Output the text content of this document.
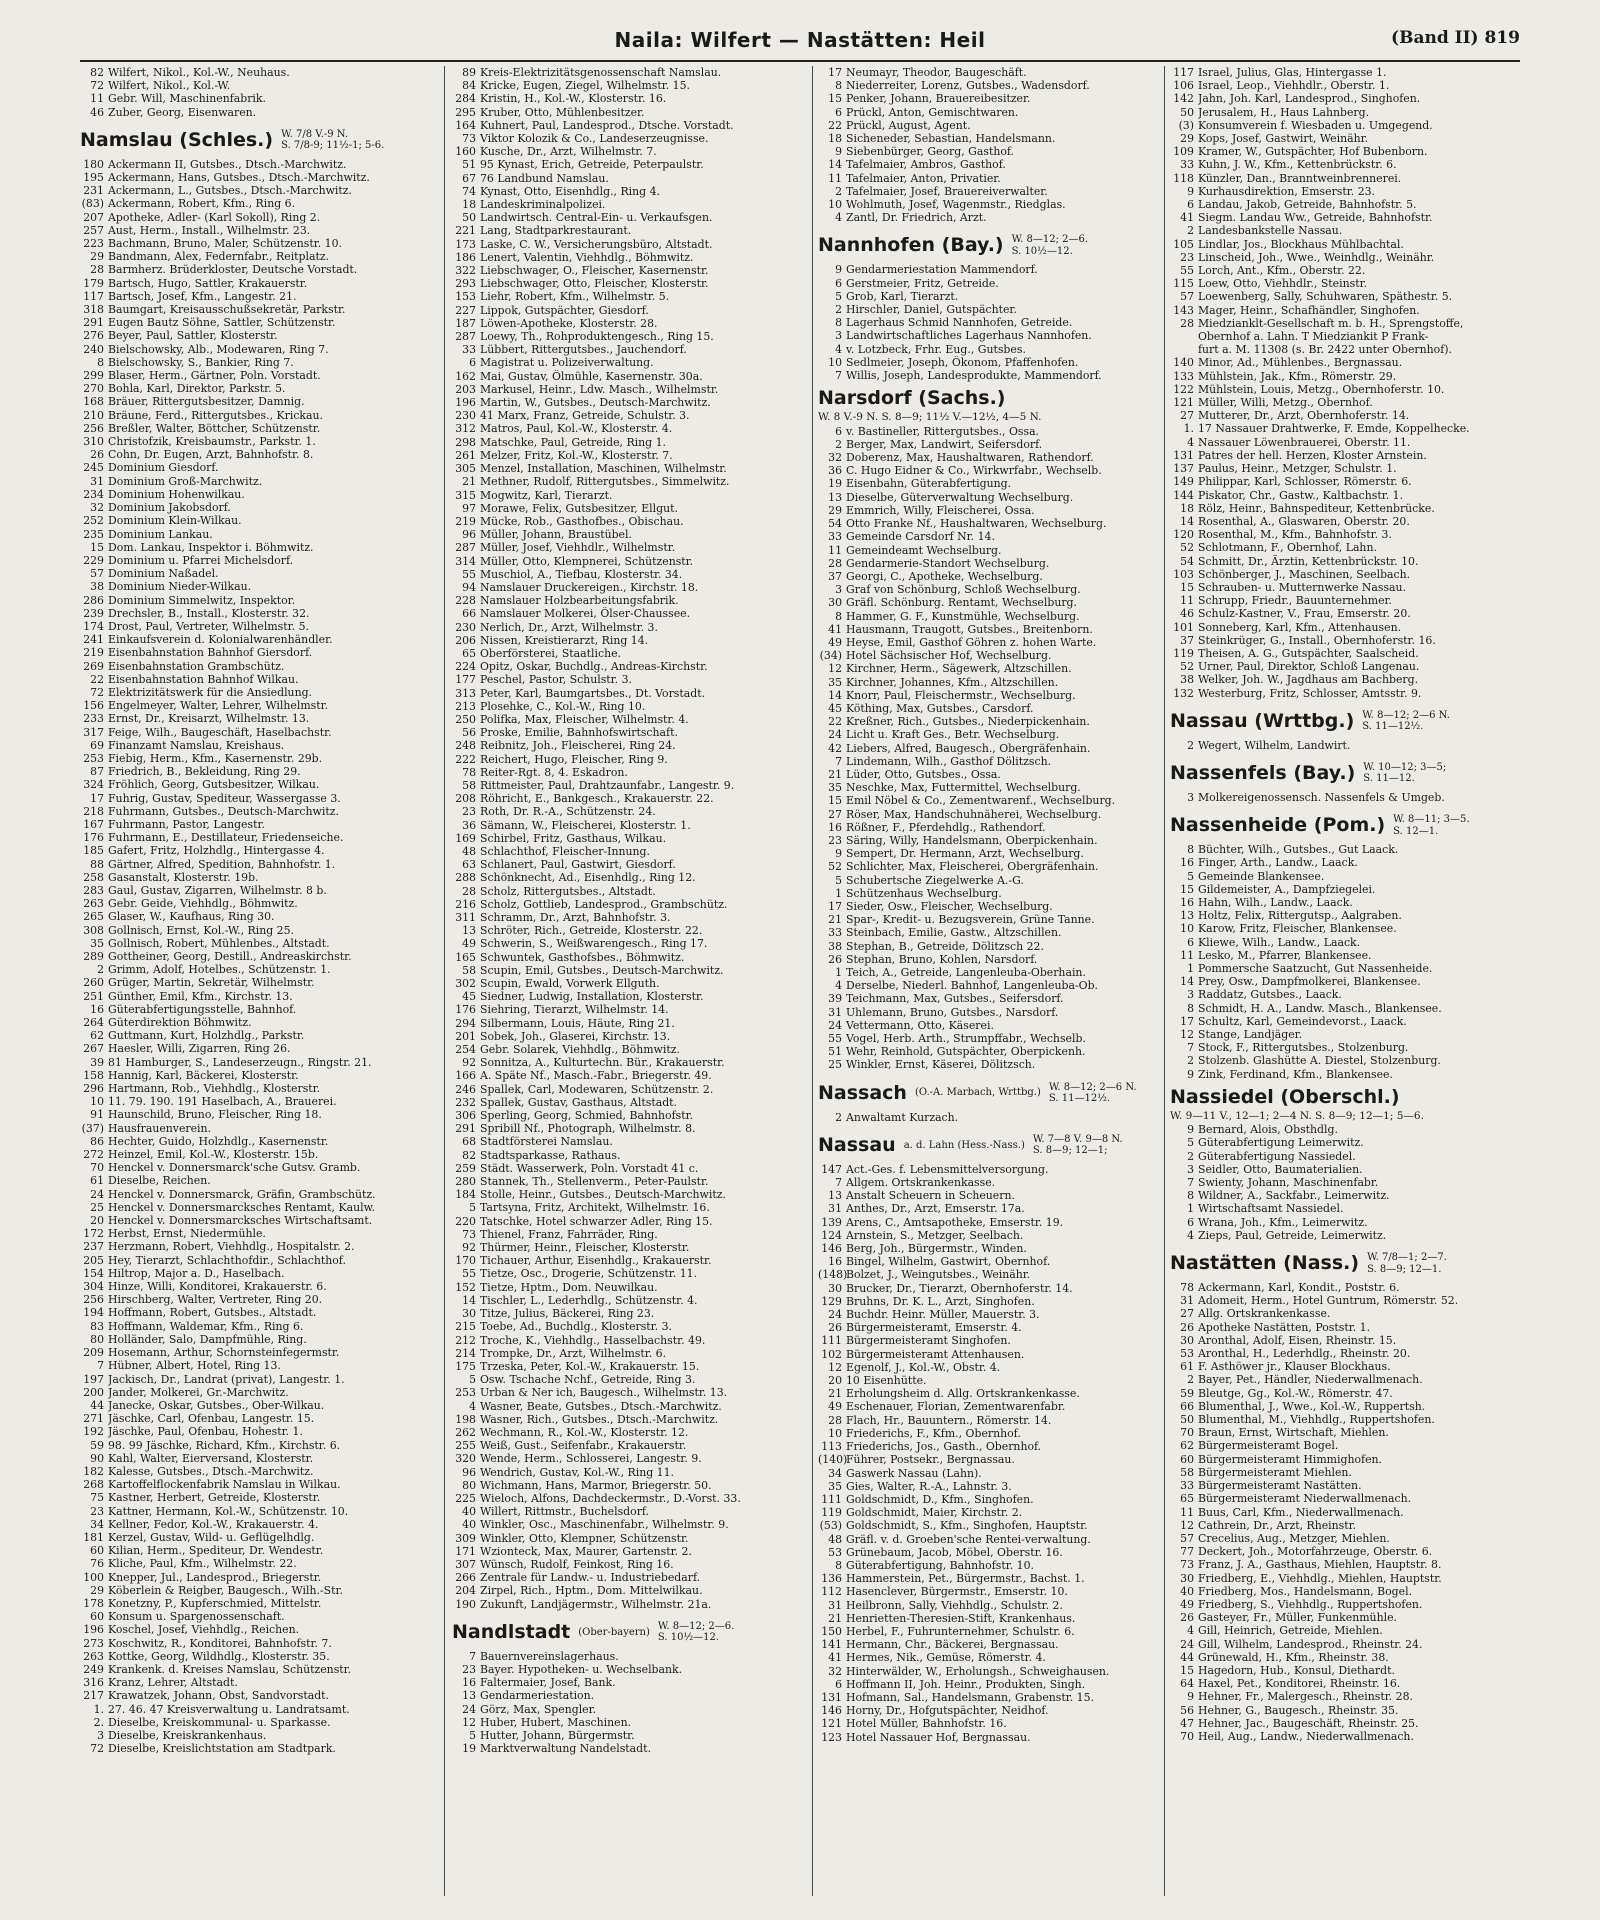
Naila: Wilfert — Nastätten: Heil	(Band II) 819
82 Wilfert, Nikol., Kol.-W., Neuhaus.
72 Wilfert, Nikol., Kol.-W.
11 Gebr. Will, Maschinenfabrik.
46 Zuber, Georg, Eisenwaren.
Namslau (Schles.) W. 7/8 V.-9 N.
S. 7/8-9; 11½-1; 5-6.
180 Ackermann II, Gutsbes., Dtsch.-Marchwitz.
195 Ackermann, Hans, Gutsbes., Dtsch.-Marchwitz.
231 Ackermann, L., Gutsbes., Dtsch.-Marchwitz.
(83) Ackermann, Robert, Kfm., Ring 6.
207 Apotheke, Adler- (Karl Sokoll), Ring 2.
257 Aust, Herm., Install., Wilhelmstr. 23.
223 Bachmann, Bruno, Maler, Schützenstr. 10.
29 Bandmann, Alex, Federnfabr., Reitplatz.
28 Barmherz. Brüderkloster, Deutsche Vorstadt.
179 Bartsch, Hugo, Sattler, Krakauerstr.
117 Bartsch, Josef, Kfm., Langestr. 21.
318 Baumgart, Kreisausschußsekretär, Parkstr.
291 Eugen Bautz Söhne, Sattler, Schützenstr.
276 Beyer, Paul, Sattler, Klosterstr.
240 Bielschowsky, Alb., Modewaren, Ring 7.
8 Bielschowsky, S., Bankier, Ring 7.
299 Blaser, Herm., Gärtner, Poln. Vorstadt.
270 Bohla, Karl, Direktor, Parkstr. 5.
168 Bräuer, Rittergutsbesitzer, Damnig.
210 Bräune, Ferd., Rittergutsbes., Krickau.
256 Breßler, Walter, Böttcher, Schützenstr.
310 Christofzik, Kreisbaumstr., Parkstr. 1.
26 Cohn, Dr. Eugen, Arzt, Bahnhofstr. 8.
245 Dominium Giesdorf.
31 Dominium Groß-Marchwitz.
234 Dominium Hohenwilkau.
32 Dominium Jakobsdorf.
252 Dominium Klein-Wilkau.
235 Dominium Lankau.
15 Dom. Lankau, Inspektor i. Böhmwitz.
229 Dominium u. Pfarrei Michelsdorf.
57 Dominium Naßadel.
38 Dominium Nieder-Wilkau.
286 Dominium Simmelwitz, Inspektor.
239 Drechsler, B., Install., Klosterstr. 32.
174 Drost, Paul, Vertreter, Wilhelmstr. 5.
241 Einkaufsverein d. Kolonialwarenhändler.
219 Eisenbahnstation Bahnhof Giersdorf.
269 Eisenbahnstation Grambschütz.
22 Eisenbahnstation Bahnhof Wilkau.
72 Elektrizitätswerk für die Ansiedlung.
156 Engelmeyer, Walter, Lehrer, Wilhelmstr.
233 Ernst, Dr., Kreisarzt, Wilhelmstr. 13.
317 Feige, Wilh., Baugeschäft, Haselbachstr.
69 Finanzamt Namslau, Kreishaus.
253 Fiebig, Herm., Kfm., Kasernenstr. 29b.
87 Friedrich, B., Bekleidung, Ring 29.
324 Fröhlich, Georg, Gutsbesitzer, Wilkau.
17 Fuhrig, Gustav, Spediteur, Wassergasse 3.
218 Fuhrmann, Gutsbes., Deutsch-Marchwitz.
167 Fuhrmann, Pastor, Langestr.
176 Fuhrmann, E., Destillateur, Friedenseiche.
185 Gafert, Fritz, Holzhdlg., Hintergasse 4.
88 Gärtner, Alfred, Spedition, Bahnhofstr. 1.
258 Gasanstalt, Klosterstr. 19b.
283 Gaul, Gustav, Zigarren, Wilhelmstr. 8 b.
263 Gebr. Geide, Viehhdlg., Böhmwitz.
265 Glaser, W., Kaufhaus, Ring 30.
308 Gollnisch, Ernst, Kol.-W., Ring 25.
35 Gollnisch, Robert, Mühlenbes., Altstadt.
289 Gottheiner, Georg, Destill., Andreaskirchstr.
2 Grimm, Adolf, Hotelbes., Schützenstr. 1.
260 Grüger, Martin, Sekretär, Wilhelmstr.
251 Günther, Emil, Kfm., Kirchstr. 13.
16 Güterabfertigungsstelle, Bahnhof.
264 Güterdirektion Böhmwitz.
62 Guttmann, Kurt, Holzhdlg., Parkstr.
267 Haesler, Willi, Zigarren, Ring 26.
39 81 Hamburger, S., Landeserzeugn., Ringstr. 21.
158 Hannig, Karl, Bäckerei, Klosterstr.
296 Hartmann, Rob., Viehhdlg., Klosterstr.
10 11. 79. 190. 191 Haselbach, A., Brauerei.
91 Haunschild, Bruno, Fleischer, Ring 18.
(37) Hausfrauenverein.
86 Hechter, Guido, Holzhdlg., Kasernenstr.
272 Heinzel, Emil, Kol.-W., Klosterstr. 15b.
70 Henckel v. Donnersmarck'sche Gutsv. Gramb.
61 Dieselbe, Reichen.
24 Henckel v. Donnersmarck, Gräfin, Grambschütz.
25 Henckel v. Donnersmarcksches Rentamt, Kaulw.
20 Henckel v. Donnersmarcksches Wirtschaftsamt.
172 Herbst, Ernst, Niedermühle.
237 Herzmann, Robert, Viehhdlg., Hospitalstr. 2.
205 Hey, Tierarzt, Schlachthofdir., Schlachthof.
154 Hiltrop, Major a. D., Haselbach.
304 Hinze, Willi, Konditorei, Krakauerstr. 6.
256 Hirschberg, Walter, Vertreter, Ring 20.
194 Hoffmann, Robert, Gutsbes., Altstadt.
83 Hoffmann, Waldemar, Kfm., Ring 6.
80 Holländer, Salo, Dampfmühle, Ring.
209 Hosemann, Arthur, Schornsteinfegermstr.
7 Hübner, Albert, Hotel, Ring 13.
197 Jackisch, Dr., Landrat (privat), Langestr. 1.
200 Jander, Molkerei, Gr.-Marchwitz.
44 Janecke, Oskar, Gutsbes., Ober-Wilkau.
271 Jäschke, Carl, Ofenbau, Langestr. 15.
192 Jäschke, Paul, Ofenbau, Hohestr. 1.
59 98. 99 Jäschke, Richard, Kfm., Kirchstr. 6.
90 Kahl, Walter, Eierversand, Klosterstr.
182 Kalesse, Gutsbes., Dtsch.-Marchwitz.
268 Kartoffelflockenfabrik Namslau in Wilkau.
75 Kastner, Herbert, Getreide, Klosterstr.
23 Kattner, Hermann, Kol.-W., Schützenstr. 10.
34 Kellner, Fedor, Kol.-W., Krakauerstr. 4.
181 Kerzel, Gustav, Wild- u. Geflügelhdlg.
60 Kilian, Herm., Spediteur, Dr. Wendestr.
76 Kliche, Paul, Kfm., Wilhelmstr. 22.
100 Knepper, Jul., Landesprod., Briegerstr.
29 Köberlein & Reigber, Baugesch., Wilh.-Str.
178 Konetzny, P., Kupferschmied, Mittelstr.
60 Konsum u. Spargenossenschaft.
196 Koschel, Josef, Viehhdlg., Reichen.
273 Koschwitz, R., Konditorei, Bahnhofstr. 7.
263 Kottke, Georg, Wildhdlg., Klosterstr. 35.
249 Krankenk. d. Kreises Namslau, Schützenstr.
316 Kranz, Lehrer, Altstadt.
217 Krawatzek, Johann, Obst, Sandvorstadt.
1. 27. 46. 47 Kreisverwaltung u. Landratsamt.
2. Dieselbe, Kreiskommunal- u. Sparkasse.
3 Dieselbe, Kreiskrankenhaus.
72 Dieselbe, Kreislichtstation am Stadtpark.
89 Kreis-Elektrizitätsgenossenschaft Namslau.
84 Kricke, Eugen, Ziegel, Wilhelmstr. 15.
284 Kristin, H., Kol.-W., Klosterstr. 16.
295 Kruber, Otto, Mühlenbesitzer.
164 Kuhnert, Paul, Landesprod., Dtsche. Vorstadt.
73 Viktor Kolozik & Co., Landeserzeugnisse.
160 Kusche, Dr., Arzt, Wilhelmstr. 7.
51 95 Kynast, Erich, Getreide, Peterpaulstr.
67 76 Landbund Namslau.
74 Kynast, Otto, Eisenhdlg., Ring 4.
18 Landeskriminalpolizei.
50 Landwirtsch. Central-Ein- u. Verkaufsgen.
221 Lang, Stadtparkrestaurant.
173 Laske, C. W., Versicherungsbüro, Altstadt.
186 Lenert, Valentin, Viehhdlg., Böhmwitz.
322 Liebschwager, O., Fleischer, Kasernenstr.
293 Liebschwager, Otto, Fleischer, Klosterstr.
153 Liehr, Robert, Kfm., Wilhelmstr. 5.
227 Lippok, Gutspächter, Giesdorf.
187 Löwen-Apotheke, Klosterstr. 28.
287 Loewy, Th., Rohproduktengesch., Ring 15.
33 Lübbert, Rittergutsbes., Jauchendorf.
6 Magistrat u. Polizeiverwaltung.
162 Mai, Gustav, Ölmühle, Kasernenstr. 30a.
203 Markusel, Heinr., Ldw. Masch., Wilhelmstr.
196 Martin, W., Gutsbes., Deutsch-Marchwitz.
230 41 Marx, Franz, Getreide, Schulstr. 3.
312 Matros, Paul, Kol.-W., Klosterstr. 4.
298 Matschke, Paul, Getreide, Ring 1.
261 Melzer, Fritz, Kol.-W., Klosterstr. 7.
305 Menzel, Installation, Maschinen, Wilhelmstr.
21 Methner, Rudolf, Rittergutsbes., Simmelwitz.
315 Mogwitz, Karl, Tierarzt.
97 Morawe, Felix, Gutsbesitzer, Ellgut.
219 Mücke, Rob., Gasthofbes., Obischau.
96 Müller, Johann, Braustübel.
287 Müller, Josef, Viehhdlr., Wilhelmstr.
314 Müller, Otto, Klempnerei, Schützenstr.
55 Muschiol, A., Tiefbau, Klosterstr. 34.
94 Namslauer Druckereigen., Kirchstr. 18.
228 Namslauer Holzbearbeitungsfabrik.
66 Namslauer Molkerei, Ölser-Chaussee.
230 Nerlich, Dr., Arzt, Wilhelmstr. 3.
206 Nissen, Kreistierarzt, Ring 14.
65 Oberförsterei, Staatliche.
224 Opitz, Oskar, Buchdlg., Andreas-Kirchstr.
177 Peschel, Pastor, Schulstr. 3.
313 Peter, Karl, Baumgartsbes., Dt. Vorstadt.
213 Plosehke, C., Kol.-W., Ring 10.
250 Polifka, Max, Fleischer, Wilhelmstr. 4.
56 Proske, Emilie, Bahnhofswirtschaft.
248 Reibnitz, Joh., Fleischerei, Ring 24.
222 Reichert, Hugo, Fleischer, Ring 9.
78 Reiter-Rgt. 8, 4. Eskadron.
58 Rittmeister, Paul, Drahtzaunfabr., Langestr. 9.
208 Röhricht, E., Bankgesch., Krakauerstr. 22.
23 Roth, Dr. R.-A., Schützenstr. 24.
36 Sämann, W., Fleischerei, Klosterstr. 1.
169 Schirbel, Fritz, Gasthaus, Wilkau.
48 Schlachthof, Fleischer-Innung.
63 Schlanert, Paul, Gastwirt, Giesdorf.
288 Schönknecht, Ad., Eisenhdlg., Ring 12.
28 Scholz, Rittergutsbes., Altstadt.
216 Scholz, Gottlieb, Landesprod., Grambschütz.
311 Schramm, Dr., Arzt, Bahnhofstr. 3.
13 Schröter, Rich., Getreide, Klosterstr. 22.
49 Schwerin, S., Weißwarengesch., Ring 17.
165 Schwuntek, Gasthofsbes., Böhmwitz.
58 Scupin, Emil, Gutsbes., Deutsch-Marchwitz.
302 Scupin, Ewald, Vorwerk Ellguth.
45 Siedner, Ludwig, Installation, Klosterstr.
176 Siehring, Tierarzt, Wilhelmstr. 14.
294 Silbermann, Louis, Häute, Ring 21.
201 Sobek, Joh., Glaserei, Kirchstr. 13.
254 Gebr. Solarek, Viehhdlg., Böhmwitz.
92 Sonnitza, A., Kulturtechn. Bür., Krakauerstr.
166 A. Späte Nf., Masch.-Fabr., Briegerstr. 49.
246 Spallek, Carl, Modewaren, Schützenstr. 2.
232 Spallek, Gustav, Gasthaus, Altstadt.
306 Sperling, Georg, Schmied, Bahnhofstr.
291 Spribill Nf., Photograph, Wilhelmstr. 8.
68 Stadtförsterei Namslau.
82 Stadtsparkasse, Rathaus.
259 Städt. Wasserwerk, Poln. Vorstadt 41 c.
280 Stannek, Th., Stellenverm., Peter-Paulstr.
184 Stolle, Heinr., Gutsbes., Deutsch-Marchwitz.
5 Tartsyna, Fritz, Architekt, Wilhelmstr. 16.
220 Tatschke, Hotel schwarzer Adler, Ring 15.
73 Thienel, Franz, Fahrräder, Ring.
92 Thürmer, Heinr., Fleischer, Klosterstr.
170 Tichauer, Arthur, Eisenhdlg., Krakauerstr.
55 Tietze, Osc., Drogerie, Schützenstr. 11.
152 Tietze, Hptm., Dom. Neuwilkau.
14 Tischler, L., Lederhdlg., Schützenstr. 4.
30 Titze, Julius, Bäckerei, Ring 23.
215 Toebe, Ad., Buchdlg., Klosterstr. 3.
212 Troche, K., Viehhdlg., Hasselbachstr. 49.
214 Trompke, Dr., Arzt, Wilhelmstr. 6.
175 Trzeska, Peter, Kol.-W., Krakauerstr. 15.
5 Osw. Tschache Nchf., Getreide, Ring 3.
253 Urban & Ner ich, Baugesch., Wilhelmstr. 13.
4 Wasner, Beate, Gutsbes., Dtsch.-Marchwitz.
198 Wasner, Rich., Gutsbes., Dtsch.-Marchwitz.
262 Wechmann, R., Kol.-W., Klosterstr. 12.
255 Weiß, Gust., Seifenfabr., Krakauerstr.
320 Wende, Herm., Schlosserei, Langestr. 9.
96 Wendrich, Gustav, Kol.-W., Ring 11.
80 Wichmann, Hans, Marmor, Briegerstr. 50.
225 Wieloch, Alfons, Dachdeckermstr., D.-Vorst. 33.
40 Willert, Rittmstr., Buchelsdorf.
40 Winkler, Osc., Maschinenfabr., Wilhelmstr. 9.
309 Winkler, Otto, Klempner, Schützenstr.
171 Wzionteck, Max, Maurer, Gartenstr. 2.
307 Wünsch, Rudolf, Feinkost, Ring 16.
266 Zentrale für Landw.- u. Industriebedarf.
204 Zirpel, Rich., Hptm., Dom. Mittelwilkau.
190 Zukunft, Landjägermstr., Wilhelmstr. 21a.
Nandlstadt (Ober-bayern)
W. 8—12; 2—6.
S. 10½—12.
7 Bauernvereinslagerhaus.
23 Bayer. Hypotheken- u. Wechselbank.
16 Faltermaier, Josef, Bank.
13 Gendarmeriestation.
24 Görz, Max, Spengler.
12 Huber, Hubert, Maschinen.
5 Hutter, Johann, Bürgermstr.
19 Marktverwaltung Nandelstadt.
17 Neumayr, Theodor, Baugeschäft.
8 Niederreiter, Lorenz, Gutsbes., Wadensdorf.
15 Penker, Johann, Brauereibesitzer.
6 Prückl, Anton, Gemischtwaren.
22 Prückl, August, Agent.
18 Sicheneder, Sebastian, Handelsmann.
9 Siebenbürger, Georg, Gasthof.
14 Tafelmaier, Ambros, Gasthof.
11 Tafelmaier, Anton, Privatier.
2 Tafelmaier, Josef, Brauereiverwalter.
10 Wohlmuth, Josef, Wagenmstr., Riedglas.
4 Zantl, Dr. Friedrich, Arzt.
Nannhofen (Bay.) W. 8—12; 2—6.
S. 10½—12.
9 Gendarmeriestation Mammendorf.
6 Gerstmeier, Fritz, Getreide.
5 Grob, Karl, Tierarzt.
2 Hirschler, Daniel, Gutspächter.
8 Lagerhaus Schmid Nannhofen, Getreide.
3 Landwirtschaftliches Lagerhaus Nannhofen.
4 v. Lotzbeck, Frhr. Eug., Gutsbes.
10 Sedlmeier, Joseph, Ökonom, Pfaffenhofen.
7 Willis, Joseph, Landesprodukte, Mammendorf.
Narsdorf (Sachs.)
W. 8 V.-9 N. S. 8—9; 11½ V.—12½, 4—5 N.
6 v. Bastineller, Rittergutsbes., Ossa.
2 Berger, Max, Landwirt, Seifersdorf.
32 Doberenz, Max, Haushaltwaren, Rathendorf.
36 C. Hugo Eidner & Co., Wirkwrfabr., Wechselb.
19 Eisenbahn, Güterabfertigung.
13 Dieselbe, Güterverwaltung Wechselburg.
29 Emmrich, Willy, Fleischerei, Ossa.
54 Otto Franke Nf., Haushaltwaren, Wechselburg.
33 Gemeinde Carsdorf Nr. 14.
11 Gemeindeamt Wechselburg.
28 Gendarmerie-Standort Wechselburg.
37 Georgi, C., Apotheke, Wechselburg.
3 Graf von Schönburg, Schloß Wechselburg.
30 Gräfl. Schönburg. Rentamt, Wechselburg.
8 Hammer, G. F., Kunstmühle, Wechselburg.
41 Hausmann, Traugott, Gutsbes., Breitenborn.
49 Heyse, Emil, Gasthof Göhren z. hohen Warte.
(34) Hotel Sächsischer Hof, Wechselburg.
12 Kirchner, Herm., Sägewerk, Altzschillen.
35 Kirchner, Johannes, Kfm., Altzschillen.
14 Knorr, Paul, Fleischermstr., Wechselburg.
45 Köthing, Max, Gutsbes., Carsdorf.
22 Kreßner, Rich., Gutsbes., Niederpickenhain.
24 Licht u. Kraft Ges., Betr. Wechselburg.
42 Liebers, Alfred, Baugesch., Obergräfenhain.
7 Lindemann, Wilh., Gasthof Dölitzsch.
21 Lüder, Otto, Gutsbes., Ossa.
35 Neschke, Max, Futtermittel, Wechselburg.
15 Emil Nöbel & Co., Zementwarenf., Wechselburg.
27 Röser, Max, Handschuhnäherei, Wechselburg.
16 Rößner, F., Pferdehdlg., Rathendorf.
23 Säring, Willy, Handelsmann, Oberpickenhain.
9 Sempert, Dr. Hermann, Arzt, Wechselburg.
52 Schlichter, Max, Fleischerei, Obergräfenhain.
5 Schubertsche Ziegelwerke A.-G.
1 Schützenhaus Wechselburg.
17 Sieder, Osw., Fleischer, Wechselburg.
21 Spar-, Kredit- u. Bezugsverein, Grüne Tanne.
33 Steinbach, Emilie, Gastw., Altzschillen.
38 Stephan, B., Getreide, Dölitzsch 22.
26 Stephan, Bruno, Kohlen, Narsdorf.
1 Teich, A., Getreide, Langenleuba-Oberhain.
4 Derselbe, Niederl. Bahnhof, Langenleuba-Ob.
39 Teichmann, Max, Gutsbes., Seifersdorf.
31 Uhlemann, Bruno, Gutsbes., Narsdorf.
24 Vettermann, Otto, Käserei.
55 Vogel, Herb. Arth., Strumpffabr., Wechselb.
51 Wehr, Reinhold, Gutspächter, Oberpickenh.
25 Winkler, Ernst, Käserei, Dölitzsch.
Nassach (O.-A. Marbach, Wrttbg.)
W. 8—12; 2—6 N.
S. 11—12½.
2 Anwaltamt Kurzach.
Nassau a. d. Lahn (Hess.-Nass.)
W. 7—8 V. 9—8 N.
S. 8—9; 12—1;
147 Act.-Ges. f. Lebensmittelversorgung.
7 Allgem. Ortskrankenkasse.
13 Anstalt Scheuern in Scheuern.
31 Anthes, Dr., Arzt, Emserstr. 17a.
139 Arens, C., Amtsapotheke, Emserstr. 19.
124 Arnstein, S., Metzger, Seelbach.
146 Berg, Joh., Bürgermstr., Winden.
16 Bingel, Wilhelm, Gastwirt, Obernhof.
(148)
Bolzet, J., Weingutsbes., Weinähr.
30 Brucker, Dr., Tierarzt, Obernhoferstr. 14.
129 Bruhns, Dr. K. L., Arzt, Singhofen.
24 Buchdr. Heinr. Müller, Mauerstr. 3.
26 Bürgermeisteramt, Emserstr. 4.
111 Bürgermeisteramt Singhofen.
102 Bürgermeisteramt Attenhausen.
12 Egenolf, J., Kol.-W., Obstr. 4.
20 10 Eisenhütte.
21 Erholungsheim d. Allg. Ortskrankenkasse.
49 Eschenauer, Florian, Zementwarenfabr.
28 Flach, Hr., Bauuntern., Römerstr. 14.
10 Friederichs, F., Kfm., Obernhof.
113 Friederichs, Jos., Gasth., Obernhof.
(140)
Führer, Postsekr., Bergnassau.
34 Gaswerk Nassau (Lahn).
35 Gies, Walter, R.-A., Lahnstr. 3.
111 Goldschmidt, D., Kfm., Singhofen.
119 Goldschmidt, Maier, Kirchstr. 2.
(53) Goldschmidt, S., Kfm., Singhofen, Hauptstr.
48 Gräfl. v. d. Groeben'sche Rentei-verwaltung.
53 Grünebaum, Jacob, Möbel, Oberstr. 16.
8 Güterabfertigung, Bahnhofstr. 10.
136 Hammerstein, Pet., Bürgermstr., Bachst. 1.
112 Hasenclever, Bürgermstr., Emserstr. 10.
31 Heilbronn, Sally, Viehhdlg., Schulstr. 2.
21 Henrietten-Theresien-Stift, Krankenhaus.
150 Herbel, F., Fuhrunternehmer, Schulstr. 6.
141 Hermann, Chr., Bäckerei, Bergnassau.
41 Hermes, Nik., Gemüse, Römerstr. 4.
32 Hinterwälder, W., Erholungsh., Schweighausen.
6 Hoffmann II, Joh. Heinr., Produkten, Singh.
131 Hofmann, Sal., Handelsmann, Grabenstr. 15.
146 Horny, Dr., Hofgutspächter, Neidhof.
121 Hotel Müller, Bahnhofstr. 16.
123 Hotel Nassauer Hof, Bergnassau.
117 Israel, Julius, Glas, Hintergasse 1.
106 Israel, Leop., Viehhdlr., Oberstr. 1.
142 Jahn, Joh. Karl, Landesprod., Singhofen.
50 Jerusalem, H., Haus Lahnberg.
(3) Konsumverein f. Wiesbaden u. Umgegend.
29 Kops, Josef, Gastwirt, Weinähr.
109 Kramer, W., Gutspächter, Hof Bubenborn.
33 Kuhn, J. W., Kfm., Kettenbrückstr. 6.
118 Künzler, Dan., Branntweinbrennerei.
9 Kurhausdirektion, Emserstr. 23.
6 Landau, Jakob, Getreide, Bahnhofstr. 5.
41 Siegm. Landau Ww., Getreide, Bahnhofstr.
2 Landesbankstelle Nassau.
105 Lindlar, Jos., Blockhaus Mühlbachtal.
23 Linscheid, Joh., Wwe., Weinhdlg., Weinähr.
55 Lorch, Ant., Kfm., Oberstr. 22.
115 Loew, Otto, Viehhdlr., Steinstr.
57 Loewenberg, Sally, Schuhwaren, Späthestr. 5.
143 Mager, Heinr., Schafhändler, Singhofen.
28 Miedzianklt-Gesellschaft m. b. H., Sprengstoffe,
Obernhof a. Lahn. T Miedziankit P Frank-
furt a. M. 11308 (s. Br. 2422 unter Obernhof).
140 Minor, Ad., Mühlenbes., Bergnassau.
133 Mühlstein, Jak., Kfm., Römerstr. 29.
122 Mühlstein, Louis, Metzg., Obernhoferstr. 10.
121 Müller, Willi, Metzg., Obernhof.
27 Mutterer, Dr., Arzt, Obernhoferstr. 14.
1. 17 Nassauer Drahtwerke, F. Emde, Koppelhecke.
4 Nassauer Löwenbrauerei, Oberstr. 11.
131 Patres der hell. Herzen, Kloster Arnstein.
137 Paulus, Heinr., Metzger, Schulstr. 1.
149 Philippar, Karl, Schlosser, Römerstr. 6.
144 Piskator, Chr., Gastw., Kaltbachstr. 1.
18 Rölz, Heinr., Bahnspediteur, Kettenbrücke.
14 Rosenthal, A., Glaswaren, Oberstr. 20.
120 Rosenthal, M., Kfm., Bahnhofstr. 3.
52 Schlotmann, F., Obernhof, Lahn.
54 Schmitt, Dr., Ärztin, Kettenbrückstr. 10.
103 Schönberger, J., Maschinen, Seelbach.
15 Schrauben- u. Mutternwerke Nassau.
11 Schrupp, Friedr., Bauunternehmer.
46 Schulz-Kastner, V., Frau, Emserstr. 20.
101 Sonneberg, Karl, Kfm., Attenhausen.
37 Steinkrüger, G., Install., Obernhoferstr. 16.
119 Theisen, A. G., Gutspächter, Saalscheid.
52 Urner, Paul, Direktor, Schloß Langenau.
38 Welker, Joh. W., Jagdhaus am Bachberg.
132 Westerburg, Fritz, Schlosser, Amtsstr. 9.
Nassau (Wrttbg.) W. 8—12; 2—6 N.
S. 11—12½.
2 Wegert, Wilhelm, Landwirt.
Nassenfels (Bay.) W. 10—12; 3—5;
S. 11—12.
3 Molkereigenossensch. Nassenfels & Umgeb.
Nassenheide (Pom.) W. 8—11; 3—5.
S. 12—1.
8 Büchter, Wilh., Gutsbes., Gut Laack.
16 Finger, Arth., Landw., Laack.
5 Gemeinde Blankensee.
15 Gildemeister, A., Dampfziegelei.
16 Hahn, Wilh., Landw., Laack.
13 Holtz, Felix, Rittergutsp., Aalgraben.
10 Karow, Fritz, Fleischer, Blankensee.
6 Kliewe, Wilh., Landw., Laack.
11 Lesko, M., Pfarrer, Blankensee.
1 Pommersche Saatzucht, Gut Nassenheide.
14 Prey, Osw., Dampfmolkerei, Blankensee.
3 Raddatz, Gutsbes., Laack.
8 Schmidt, H. A., Landw. Masch., Blankensee.
17 Schultz, Karl, Gemeindevorst., Laack.
12 Stange, Landjäger.
7 Stock, F., Rittergutsbes., Stolzenburg.
2 Stolzenb. Glashütte A. Diestel, Stolzenburg.
9 Zink, Ferdinand, Kfm., Blankensee.
Nassiedel (Oberschl.)
W. 9—11 V., 12—1; 2—4 N. S. 8—9; 12—1; 5—6.
9 Bernard, Alois, Obsthdlg.
5 Güterabfertigung Leimerwitz.
2 Güterabfertigung Nassiedel.
3 Seidler, Otto, Baumaterialien.
7 Swienty, Johann, Maschinenfabr.
8 Wildner, A., Sackfabr., Leimerwitz.
1 Wirtschaftsamt Nassiedel.
6 Wrana, Joh., Kfm., Leimerwitz.
4 Zieps, Paul, Getreide, Leimerwitz.
Nastätten (Nass.) W. 7/8—1; 2—7.
S. 8—9; 12—1.
78 Ackermann, Karl, Kondit., Poststr. 6.
31 Adomeit, Herm., Hotel Guntrum, Römerstr. 52.
27 Allg. Ortskrankenkasse.
26 Apotheke Nastätten, Poststr. 1.
30 Aronthal, Adolf, Eisen, Rheinstr. 15.
53 Aronthal, H., Lederhdlg., Rheinstr. 20.
61 F. Asthöwer jr., Klauser Blockhaus.
2 Bayer, Pet., Händler, Niederwallmenach.
59 Bleutge, Gg., Kol.-W., Römerstr. 47.
66 Blumenthal, J., Wwe., Kol.-W., Ruppertsh.
50 Blumenthal, M., Viehhdlg., Ruppertshofen.
70 Braun, Ernst, Wirtschaft, Miehlen.
62 Bürgermeisteramt Bogel.
60 Bürgermeisteramt Himmighofen.
58 Bürgermeisteramt Miehlen.
33 Bürgermeisteramt Nastätten.
65 Bürgermeisteramt Niederwallmenach.
11 Buus, Carl, Kfm., Niederwallmenach.
12 Cathrein, Dr., Arzt, Rheinstr.
57 Crecelius, Aug., Metzger, Miehlen.
77 Deckert, Joh., Motorfahrzeuge, Oberstr. 6.
73 Franz, J. A., Gasthaus, Miehlen, Hauptstr. 8.
30 Friedberg, E., Viehhdlg., Miehlen, Hauptstr.
40 Friedberg, Mos., Handelsmann, Bogel.
49 Friedberg, S., Viehhdlg., Ruppertshofen.
26 Gasteyer, Fr., Müller, Funkenmühle.
4 Gill, Heinrich, Getreide, Miehlen.
24 Gill, Wilhelm, Landesprod., Rheinstr. 24.
44 Grünewald, H., Kfm., Rheinstr. 38.
15 Hagedorn, Hub., Konsul, Diethardt.
64 Haxel, Pet., Konditorei, Rheinstr. 16.
9 Hehner, Fr., Malergesch., Rheinstr. 28.
56 Hehner, G., Baugesch., Rheinstr. 35.
47 Hehner, Jac., Baugeschäft, Rheinstr. 25.
70 Heil, Aug., Landw., Niederwallmenach.
